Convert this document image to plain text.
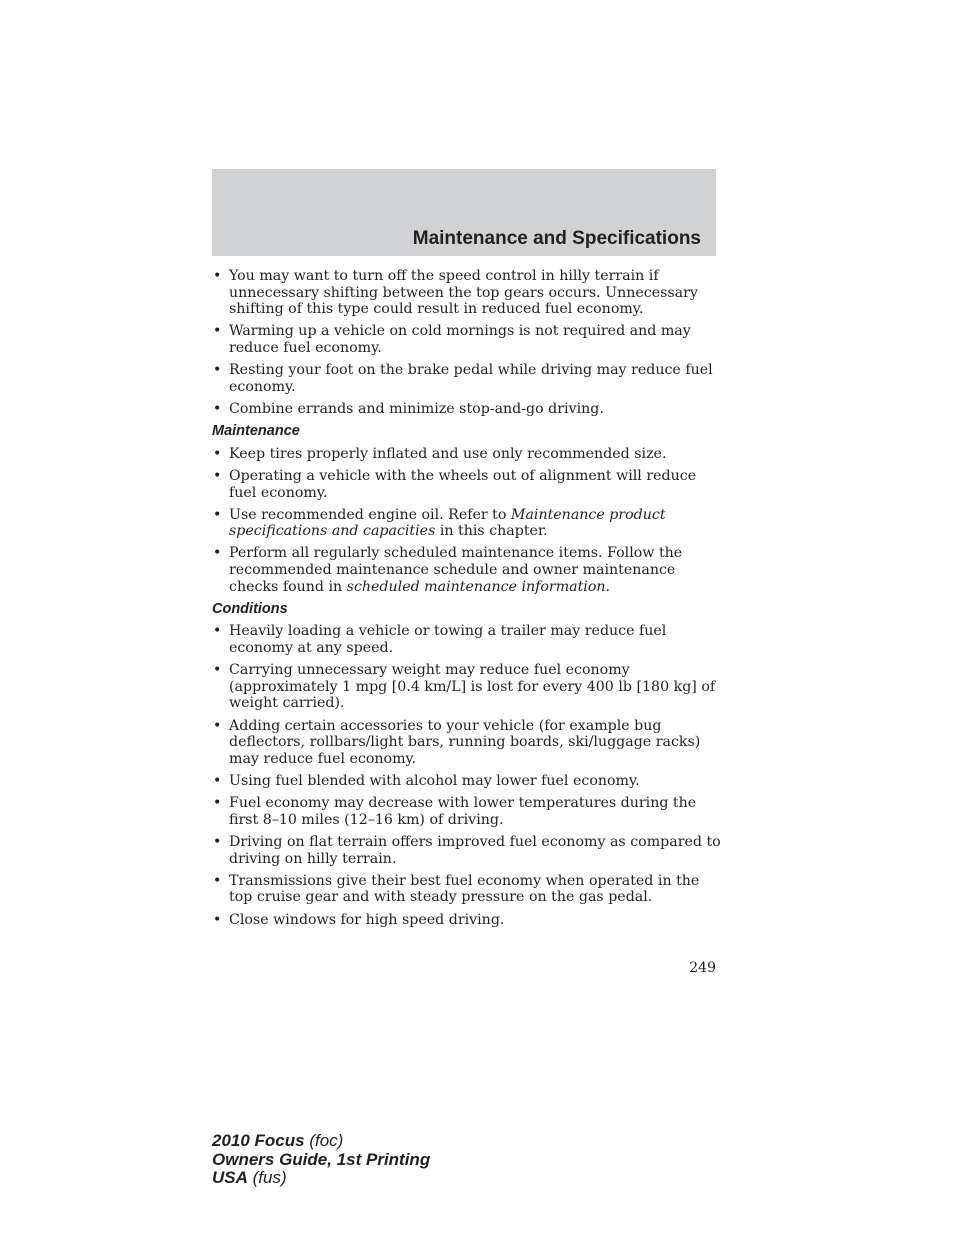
Maintenance and Specifications
• You may want to turn off the speed control in hilly terrain if unnecessary shifting between the top gears occurs. Unnecessary shifting of this type could result in reduced fuel economy.
• Warming up a vehicle on cold mornings is not required and may reduce fuel economy.
• Resting your foot on the brake pedal while driving may reduce fuel economy.
• Combine errands and minimize stop-and-go driving.
Maintenance
• Keep tires properly inflated and use only recommended size.
• Operating a vehicle with the wheels out of alignment will reduce fuel economy.
• Use recommended engine oil. Refer to Maintenance product specifications and capacities in this chapter.
• Perform all regularly scheduled maintenance items. Follow the recommended maintenance schedule and owner maintenance checks found in scheduled maintenance information.
Conditions
• Heavily loading a vehicle or towing a trailer may reduce fuel economy at any speed.
• Carrying unnecessary weight may reduce fuel economy (approximately 1 mpg [0.4 km/L] is lost for every 400 lb [180 kg] of weight carried).
• Adding certain accessories to your vehicle (for example bug deflectors, rollbars/light bars, running boards, ski/luggage racks) may reduce fuel economy.
• Using fuel blended with alcohol may lower fuel economy.
• Fuel economy may decrease with lower temperatures during the first 8–10 miles (12–16 km) of driving.
• Driving on flat terrain offers improved fuel economy as compared to driving on hilly terrain.
• Transmissions give their best fuel economy when operated in the top cruise gear and with steady pressure on the gas pedal.
• Close windows for high speed driving.
249
2010 Focus (foc)
Owners Guide, 1st Printing
USA (fus)
